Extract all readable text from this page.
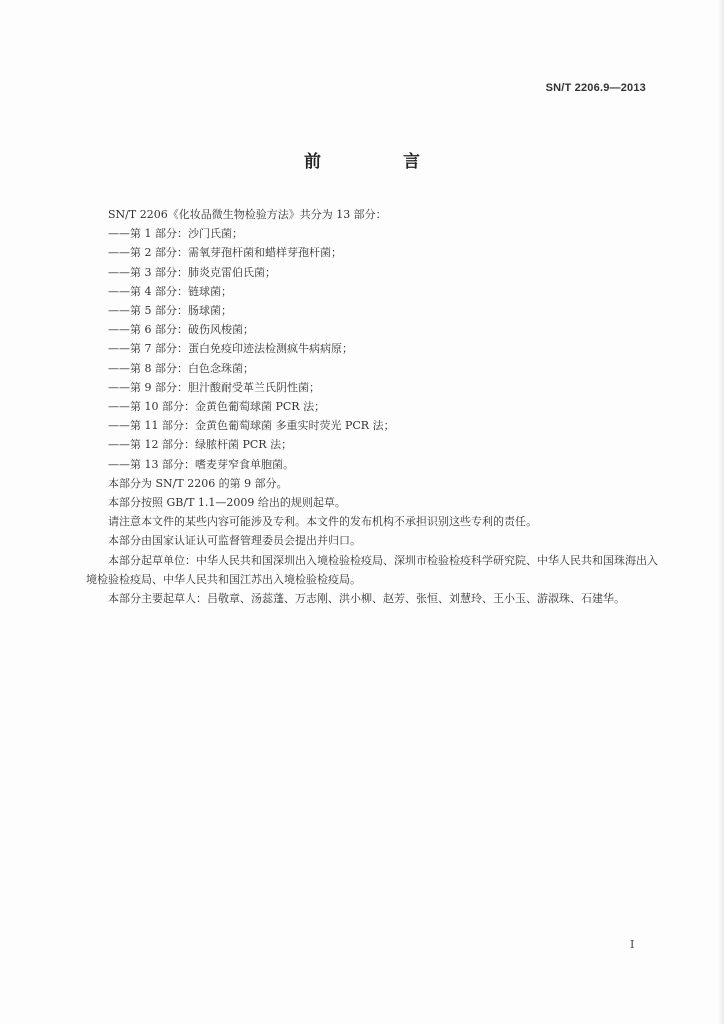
SN/T 2206.9—2013
前 言
SN/T 2206《化妆品微生物检验方法》共分为 13 部分：
——第 1 部分：沙门氏菌；
——第 2 部分：需氧芽孢杆菌和蜡样芽孢杆菌；
——第 3 部分：肺炎克雷伯氏菌；
——第 4 部分：链球菌；
——第 5 部分：肠球菌；
——第 6 部分：破伤风梭菌；
——第 7 部分：蛋白免疫印迹法检测疯牛病病原；
——第 8 部分：白色念珠菌；
——第 9 部分：胆汁酸耐受革兰氏阴性菌；
——第 10 部分：金黄色葡萄球菌 PCR 法；
——第 11 部分：金黄色葡萄球菌 多重实时荧光 PCR 法；
——第 12 部分：绿脓杆菌 PCR 法；
——第 13 部分：嗜麦芽窄食单胞菌。
本部分为 SN/T 2206 的第 9 部分。
本部分按照 GB/T 1.1—2009 给出的规则起草。
请注意本文件的某些内容可能涉及专利。本文件的发布机构不承担识别这些专利的责任。
本部分由国家认证认可监督管理委员会提出并归口。
本部分起草单位：中华人民共和国深圳出入境检验检疫局、深圳市检验检疫科学研究院、中华人民共和国珠海出入境检验检疫局、中华人民共和国江苏出入境检验检疫局。
本部分主要起草人：吕敬章、汤蕊蓬、万志刚、洪小柳、赵芳、张恒、刘慧玲、王小玉、游淑珠、石建华。
I
